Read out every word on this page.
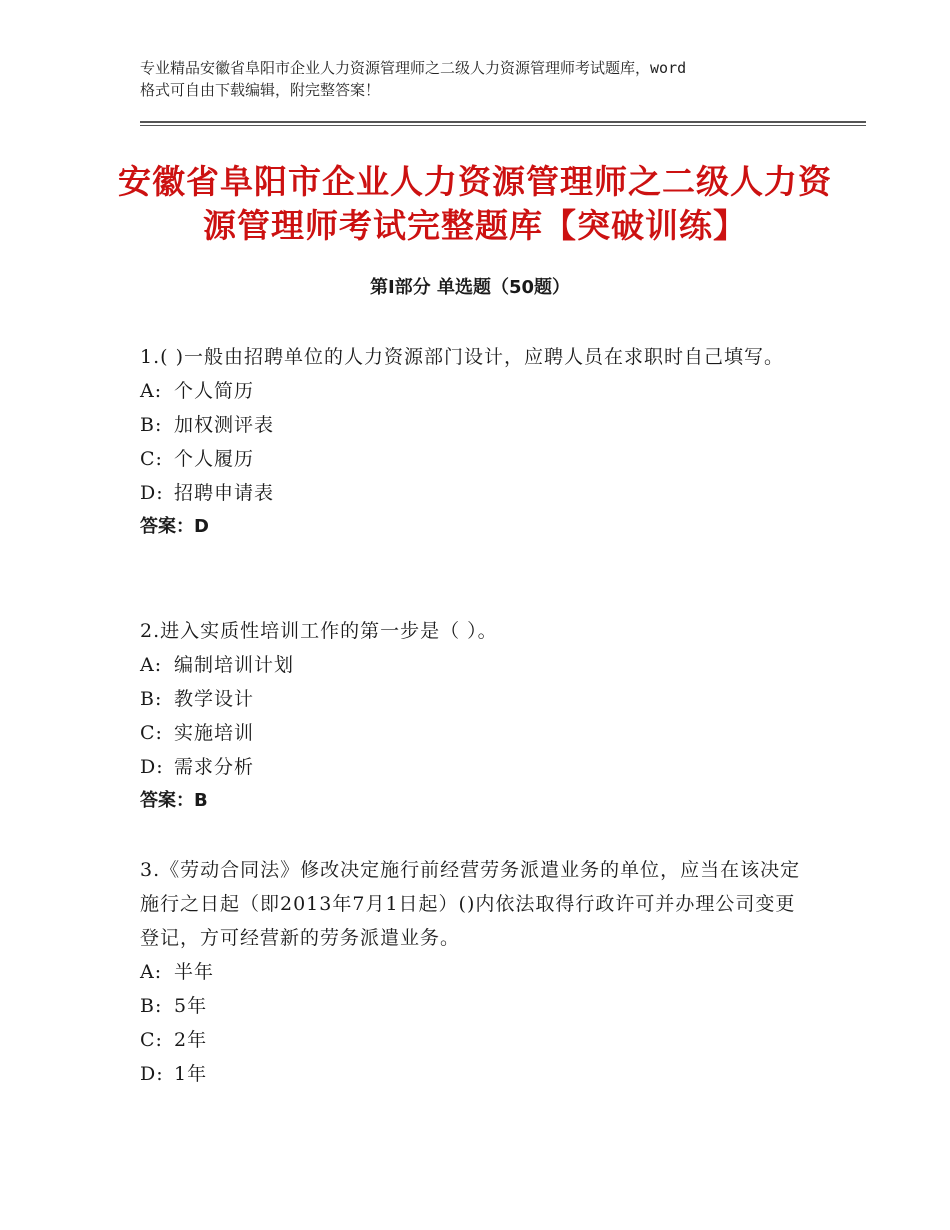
专业精品安徽省阜阳市企业人力资源管理师之二级人力资源管理师考试题库，word
格式可自由下载编辑，附完整答案！
安徽省阜阳市企业人力资源管理师之二级人力资源管理师考试完整题库【突破训练】
第Ⅰ部分 单选题（50题）

1.( )一般由招聘单位的人力资源部门设计，应聘人员在求职时自己填写。

A: 个人简历

B: 加权测评表

C: 个人履历

D: 招聘申请表

答案：D

2.进入实质性培训工作的第一步是（ ）。

A: 编制培训计划

B: 教学设计

C: 实施培训

D: 需求分析

答案：B

3.《劳动合同法》修改决定施行前经营劳务派遣业务的单位，应当在该决定施行之日起（即2013年7月1日起）()内依法取得行政许可并办理公司变更登记，方可经营新的劳务派遣业务。

A: 半年

B: 5年

C: 2年

D: 1年
